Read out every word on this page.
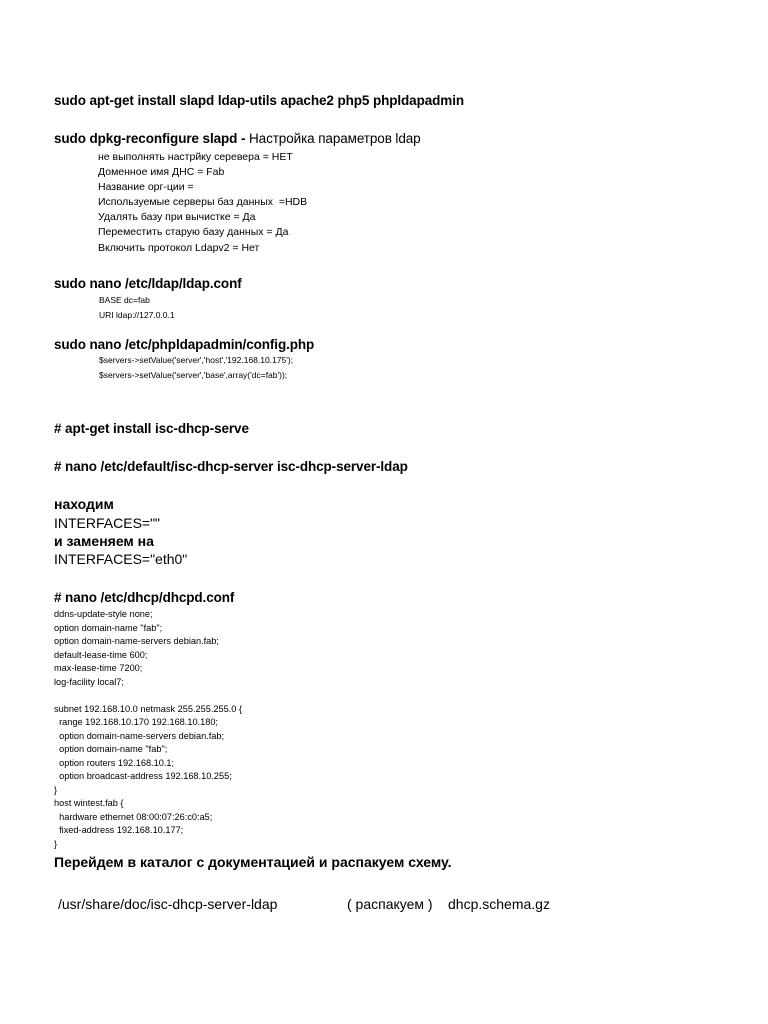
sudo apt-get install slapd ldap-utils apache2 php5 phpldapadmin
sudo dpkg-reconfigure slapd - Настройка параметров ldap
не выполнять настрйку серевера = НЕТ
Доменное имя ДНС = Fab
Название орг-ции =
Используемые серверы баз данных  =HDB
Удалять базу при вычистке = Да
Переместить старую базу данных = Да
Включить протокол Ldapv2 = Нет
sudo nano /etc/ldap/ldap.conf
BASE dc=fab
URI ldap://127.0.0.1
sudo nano /etc/phpldapadmin/config.php
$servers->setValue('server','host','192.168.10.175');
$servers->setValue('server','base',array('dc=fab'));
# apt-get install isc-dhcp-serve
# nano /etc/default/isc-dhcp-server isc-dhcp-server-ldap
находим
INTERFACES=""
и заменяем на
INTERFACES="eth0"
# nano /etc/dhcp/dhcpd.conf
ddns-update-style none;
option domain-name "fab";
option domain-name-servers debian.fab;
default-lease-time 600;
max-lease-time 7200;
log-facility local7;
subnet 192.168.10.0 netmask 255.255.255.0 {
range 192.168.10.170 192.168.10.180;
option domain-name-servers debian.fab;
option domain-name "fab";
option routers 192.168.10.1;
option broadcast-address 192.168.10.255;
}
host wintest.fab {
hardware ethernet 08:00:07:26:c0:a5;
fixed-address 192.168.10.177;
}
Перейдем в каталог с документацией и распакуем схему.
/usr/share/doc/isc-dhcp-server-ldap	( распакуем ) dhcp.schema.gz
